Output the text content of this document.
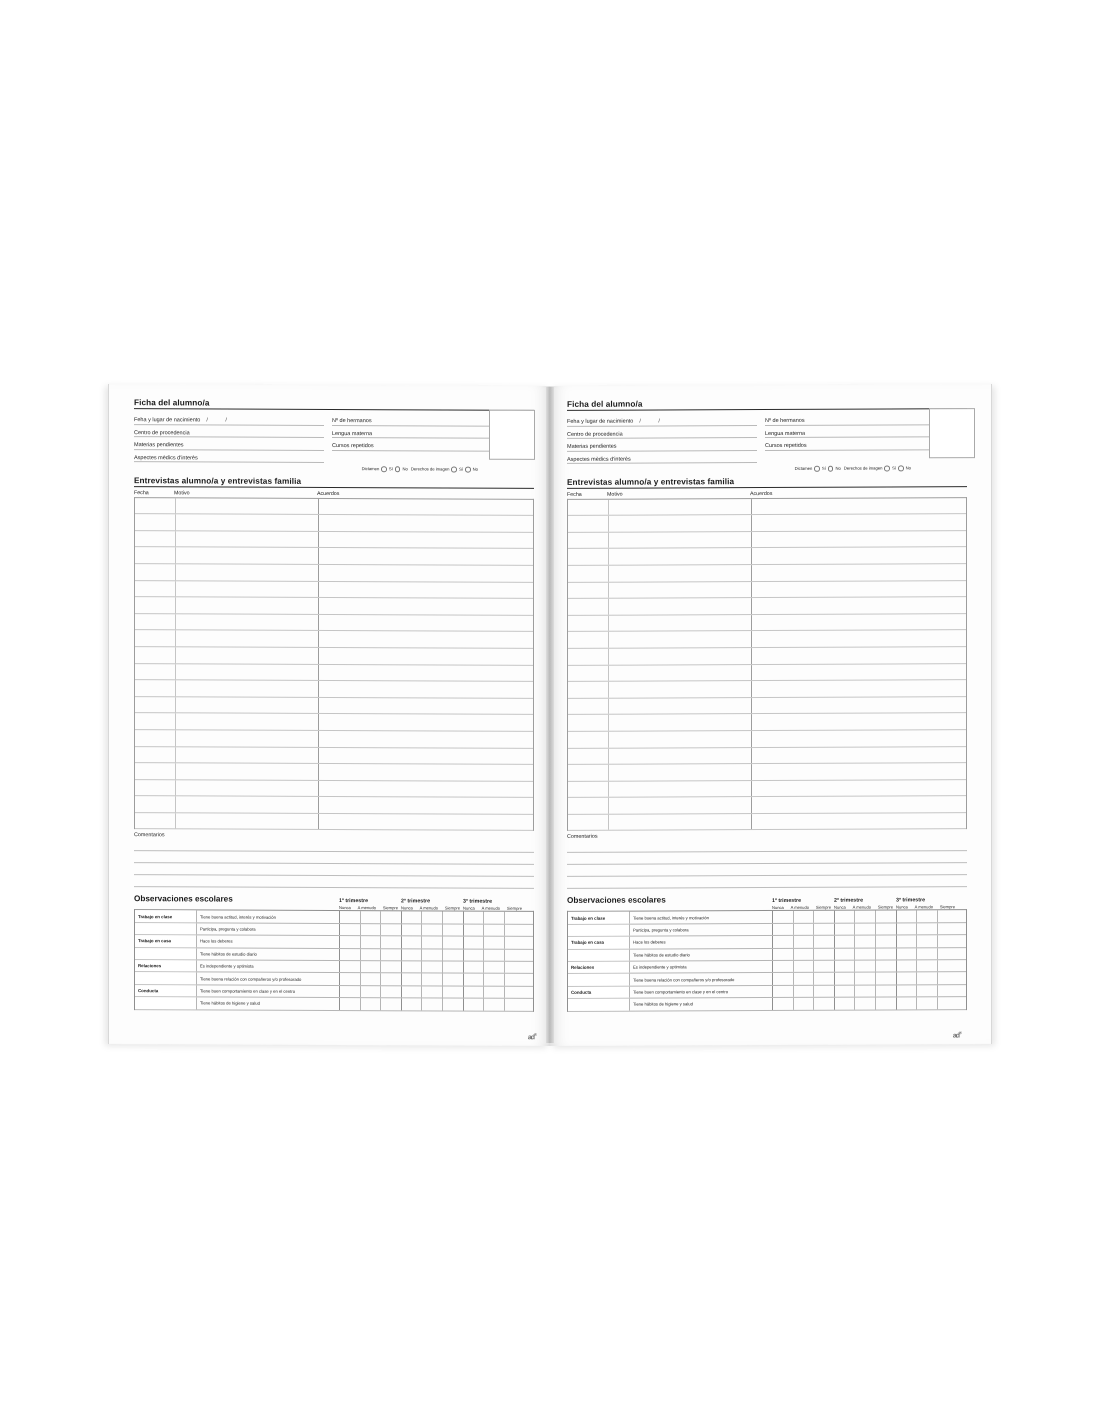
Ficha del alumno/a
Feha y lugar de nacimiento / /
Centro de procedencia
Materias pendientes
Aspectes mèdics d'interès
Nº de hermanos
Lengua materna
Cursos repetidos
Dictamen Sí No Derechos de imagen Sí No
Entrevistas alumno/a y entrevistas familia
Fecha	Motivo	Acuerdos
Comentarios
Observaciones escolares	1º trimestre	2º trimestre	3º trimestre
Nunca A menudo Siempre Nunca A menudo Siempre Nunca A menudo Siempre
Trabajo en clase	Tiene buena actitud, interés y motivación
Participa, pregunta y colabora
Trabajo en casa	Hace los deberes
Tiene hábitos de estudio diario
Relaciones	Es independiente y optimista
Tiene buena relación con compañeros y/o profesorado
Conducta	Tiene buen comportamiento en clase y en el centro
Tiene hábitos de higiene y salud
ad®
Ficha del alumno/a
Feha y lugar de nacimiento / /
Centro de procedencia
Materias pendientes
Aspectes mèdics d'interès
Nº de hermanos
Lengua materna
Cursos repetidos
Dictamen Sí No Derechos de imagen Sí No
Entrevistas alumno/a y entrevistas familia
Fecha	Motivo	Acuerdos
Comentarios
Observaciones escolares	1º trimestre	2º trimestre	3º trimestre
Nunca A menudo Siempre Nunca A menudo Siempre Nunca A menudo Siempre
Trabajo en clase	Tiene buena actitud, interés y motivación
Participa, pregunta y colabora
Trabajo en casa	Hace los deberes
Tiene hábitos de estudio diario
Relaciones	Es independiente y optimista
Tiene buena relación con compañeros y/o profesorado
Conducta	Tiene buen comportamiento en clase y en el centro
Tiene hábitos de higiene y salud
ad®
